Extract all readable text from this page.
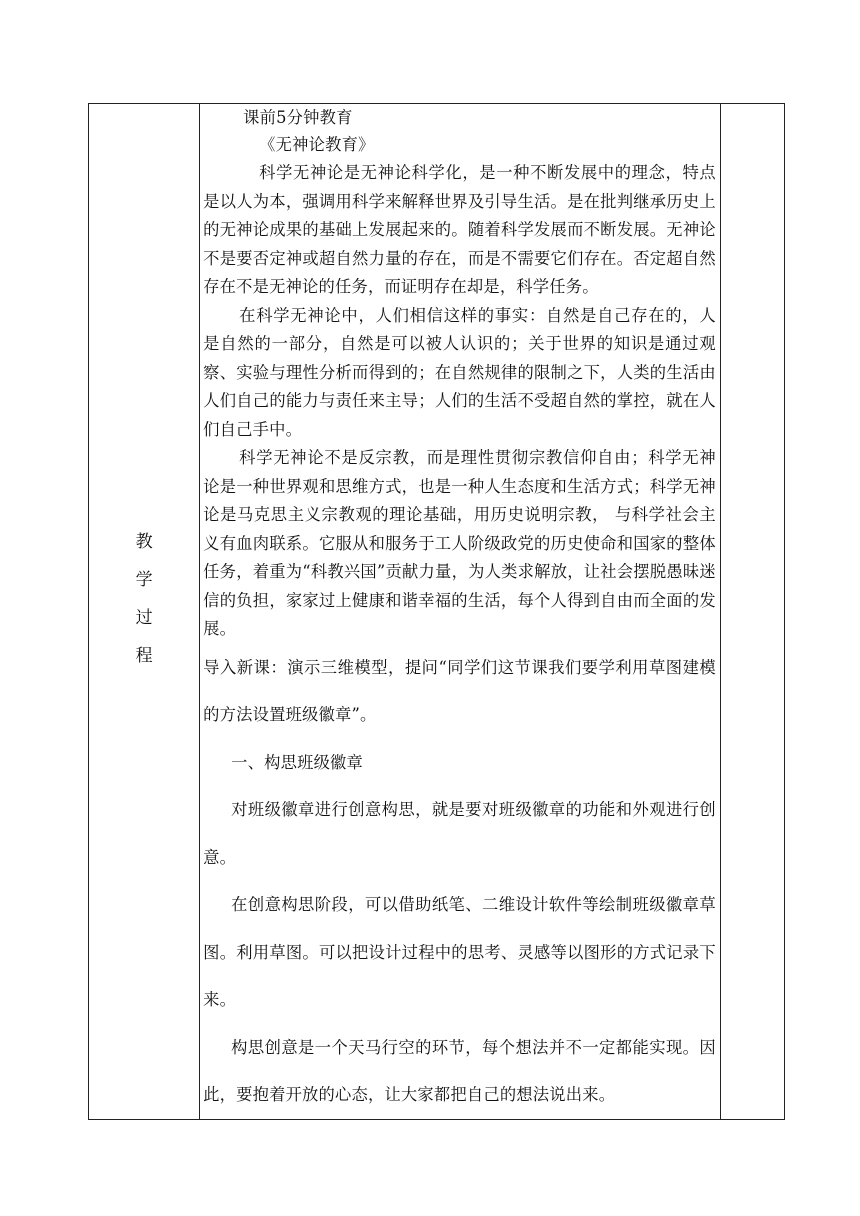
教
学
过
程

课前5分钟教育

《无神论教育》

科学无神论是无神论科学化，是一种不断发展中的理念，特点是以人为本，强调用科学来解释世界及引导生活。是在批判继承历史上的无神论成果的基础上发展起来的。随着科学发展而不断发展。无神论不是要否定神或超自然力量的存在，而是不需要它们存在。否定超自然存在不是无神论的任务，而证明存在却是，科学任务。

在科学无神论中，人们相信这样的事实：自然是自己存在的，人是自然的一部分，自然是可以被人认识的；关于世界的知识是通过观察、实验与理性分析而得到的；在自然规律的限制之下，人类的生活由人们自己的能力与责任来主导；人们的生活不受超自然的掌控，就在人们自己手中。

科学无神论不是反宗教，而是理性贯彻宗教信仰自由；科学无神论是一种世界观和思维方式，也是一种人生态度和生活方式；科学无神论是马克思主义宗教观的理论基础，用历史说明宗教， 与科学社会主义有血肉联系。它服从和服务于工人阶级政党的历史使命和国家的整体任务，着重为“科教兴国”贡献力量，为人类求解放，让社会摆脱愚昧迷信的负担，家家过上健康和谐幸福的生活，每个人得到自由而全面的发展。

导入新课：演示三维模型，提问“同学们这节课我们要学利用草图建模的方法设置班级徽章”。

一、构思班级徽章

对班级徽章进行创意构思，就是要对班级徽章的功能和外观进行创意。

在创意构思阶段，可以借助纸笔、二维设计软件等绘制班级徽章草图。利用草图。可以把设计过程中的思考、灵感等以图形的方式记录下来。

构思创意是一个天马行空的环节，每个想法并不一定都能实现。因此，要抱着开放的心态，让大家都把自己的想法说出来。
